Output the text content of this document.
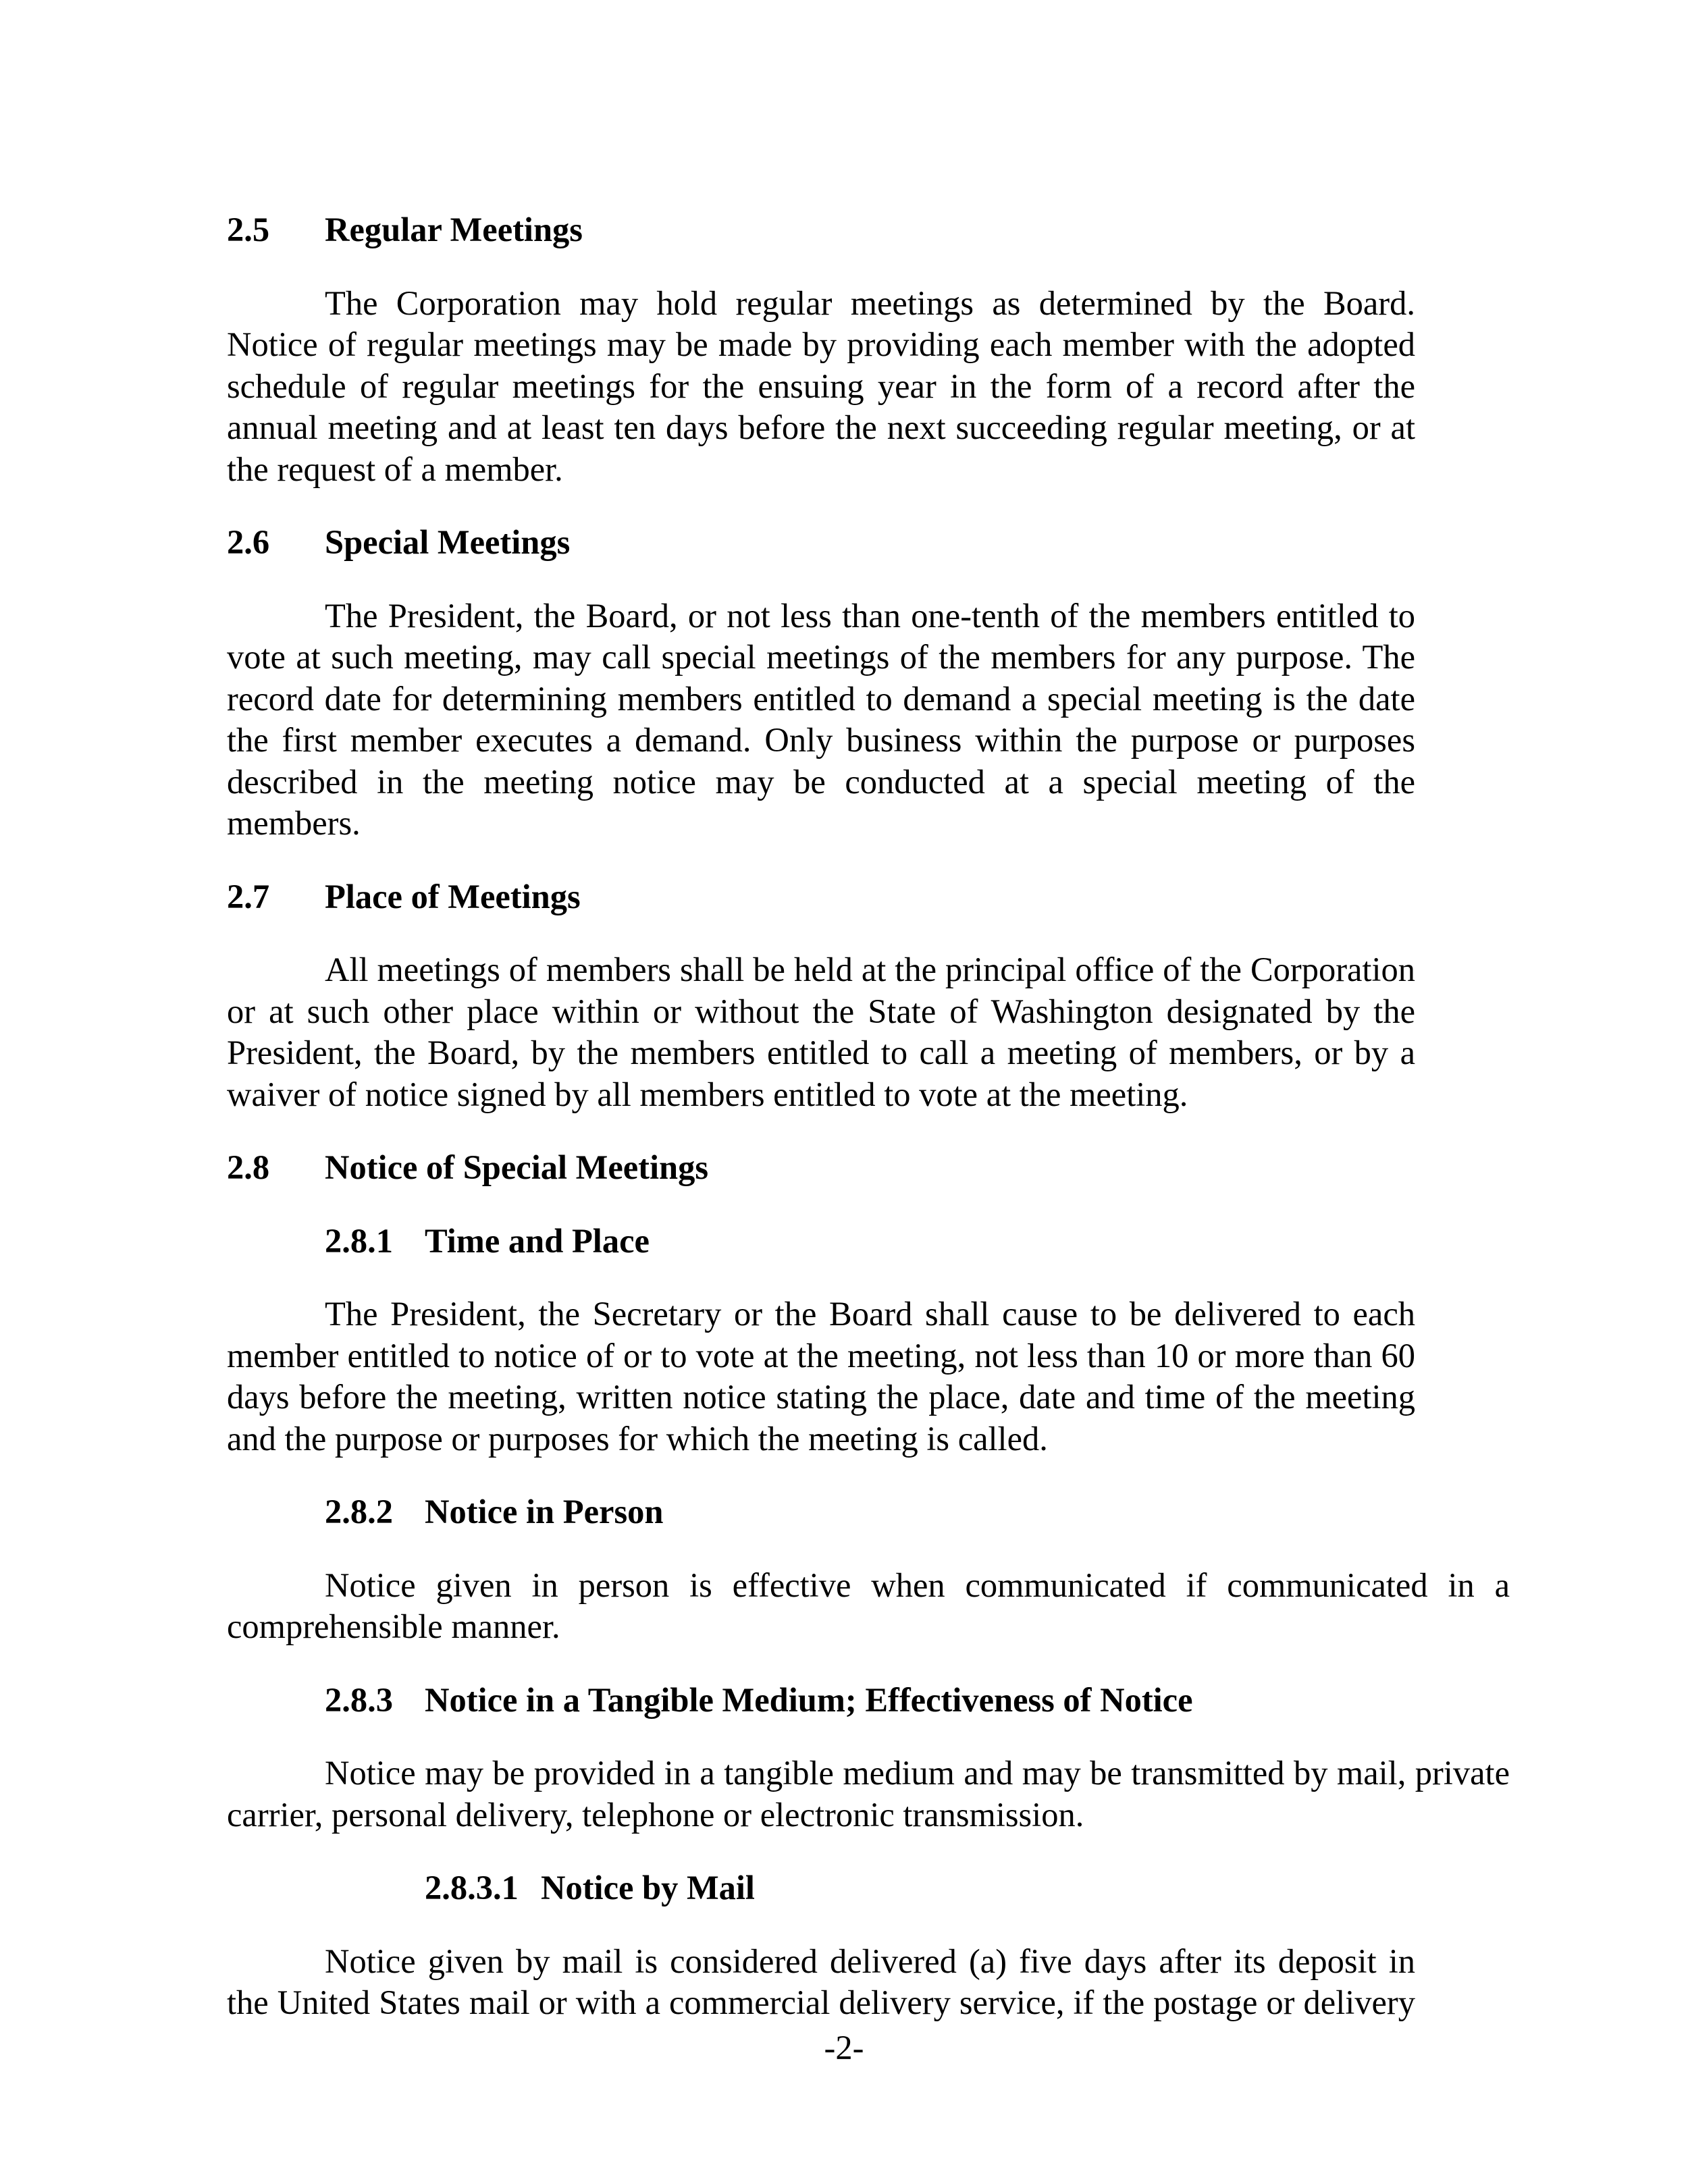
2.5 Regular Meetings
The Corporation may hold regular meetings as determined by the Board. Notice of regular meetings may be made by providing each member with the adopted schedule of regular meetings for the ensuing year in the form of a record after the annual meeting and at least ten days before the next succeeding regular meeting, or at the request of a member.
2.6 Special Meetings
The President, the Board, or not less than one-tenth of the members entitled to vote at such meeting, may call special meetings of the members for any purpose. The record date for determining members entitled to demand a special meeting is the date the first member executes a demand. Only business within the purpose or purposes described in the meeting notice may be conducted at a special meeting of the members.
2.7 Place of Meetings
All meetings of members shall be held at the principal office of the Corporation or at such other place within or without the State of Washington designated by the President, the Board, by the members entitled to call a meeting of members, or by a waiver of notice signed by all members entitled to vote at the meeting.
2.8 Notice of Special Meetings
2.8.1 Time and Place
The President, the Secretary or the Board shall cause to be delivered to each member entitled to notice of or to vote at the meeting, not less than 10 or more than 60 days before the meeting, written notice stating the place, date and time of the meeting and the purpose or purposes for which the meeting is called.
2.8.2 Notice in Person
Notice given in person is effective when communicated if communicated in a comprehensible manner.
2.8.3 Notice in a Tangible Medium; Effectiveness of Notice
Notice may be provided in a tangible medium and may be transmitted by mail, private carrier, personal delivery, telephone or electronic transmission.
2.8.3.1 Notice by Mail
Notice given by mail is considered delivered (a) five days after its deposit in the United States mail or with a commercial delivery service, if the postage or delivery
-2-
